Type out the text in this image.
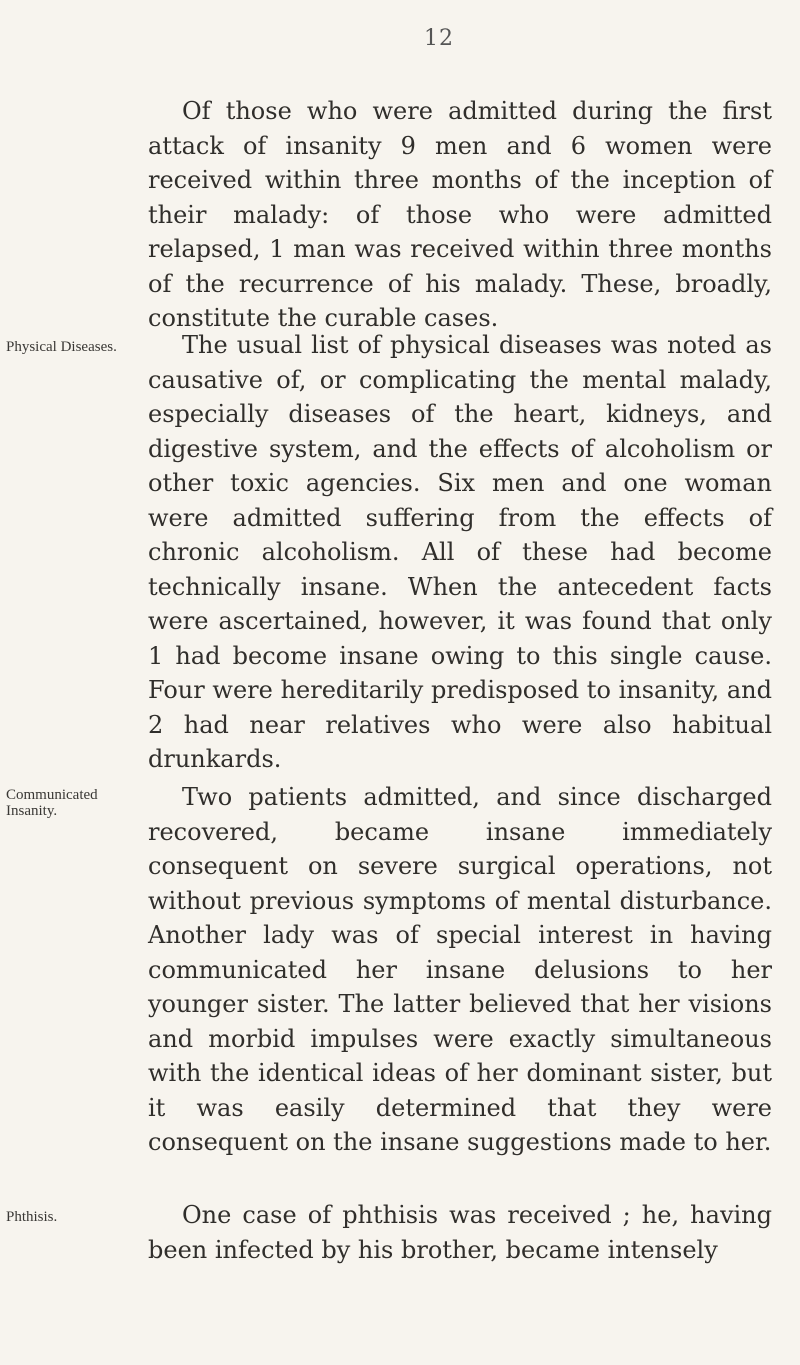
12
Physical Diseases.
Communicated Insanity.
Phthisis.

Of those who were admitted during the first attack of insanity 9 men and 6 women were received within three months of the inception of their malady: of those who were admitted relapsed, 1 man was received within three months of the recurrence of his malady. These, broadly, constitute the curable cases.

The usual list of physical diseases was noted as causative of, or complicating the mental malady, especially diseases of the heart, kidneys, and digestive system, and the effects of alcoholism or other toxic agencies. Six men and one woman were admitted suffering from the effects of chronic alcoholism. All of these had become technically insane. When the antecedent facts were ascertained, however, it was found that only 1 had become insane owing to this single cause. Four were hereditarily predisposed to insanity, and 2 had near relatives who were also habitual drunkards.

Two patients admitted, and since discharged recovered, became insane immediately consequent on severe surgical operations, not without previous symptoms of mental disturbance. Another lady was of special interest in having communicated her insane delusions to her younger sister. The latter believed that her visions and morbid impulses were exactly simultaneous with the identical ideas of her dominant sister, but it was easily determined that they were consequent on the insane suggestions made to her.

One case of phthisis was received ; he, having been infected by his brother, became intensely
